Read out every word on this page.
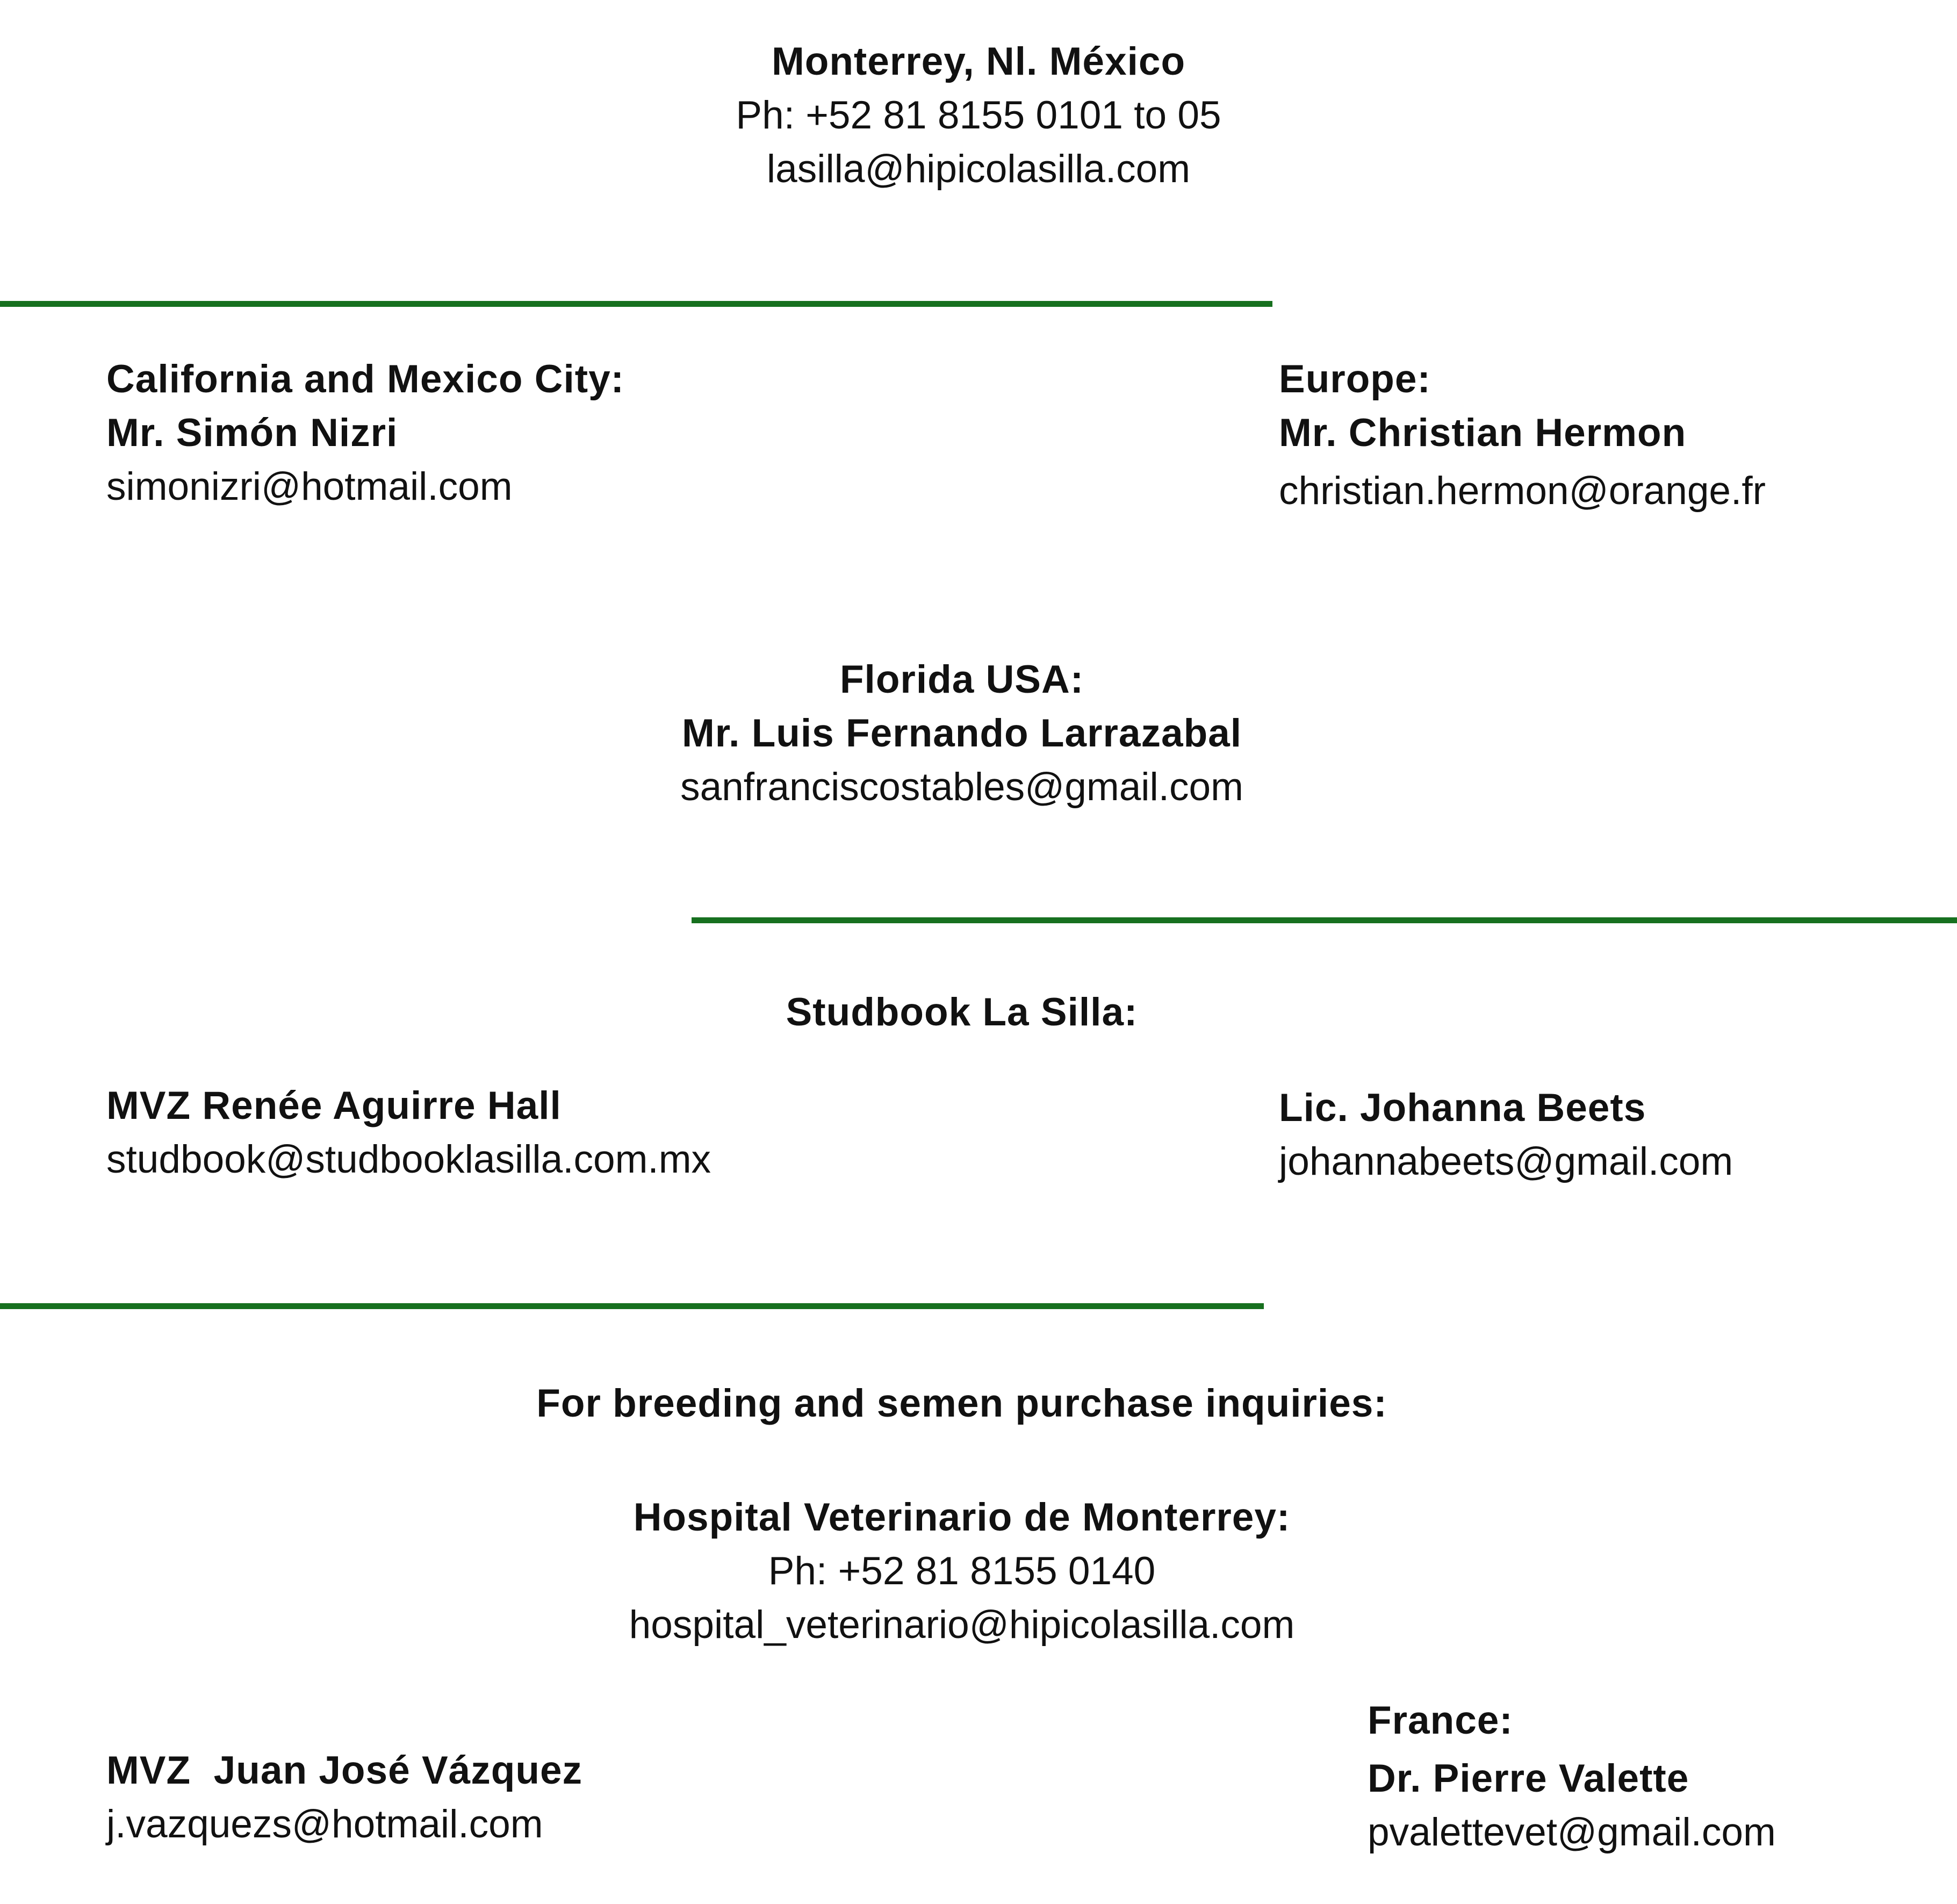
Monterrey, Nl. México
Ph: +52 81 8155 0101 to 05
lasilla@hipicolasilla.com
California and Mexico City:
Mr. Simón Nizri
simonizri@hotmail.com
Europe:
Mr. Christian Hermon
christian.hermon@orange.fr
Florida USA:
Mr. Luis Fernando Larrazabal
sanfranciscostables@gmail.com
Studbook La Silla:
MVZ Renée Aguirre Hall
studbook@studbooklasilla.com.mx
Lic. Johanna Beets
johannabeets@gmail.com
For breeding and semen purchase inquiries:
Hospital Veterinario de Monterrey:
Ph: +52 81 8155 0140
hospital_veterinario@hipicolasilla.com
MVZ  Juan José Vázquez
j.vazquezs@hotmail.com
France:
Dr. Pierre Valette
pvalettevet@gmail.com
